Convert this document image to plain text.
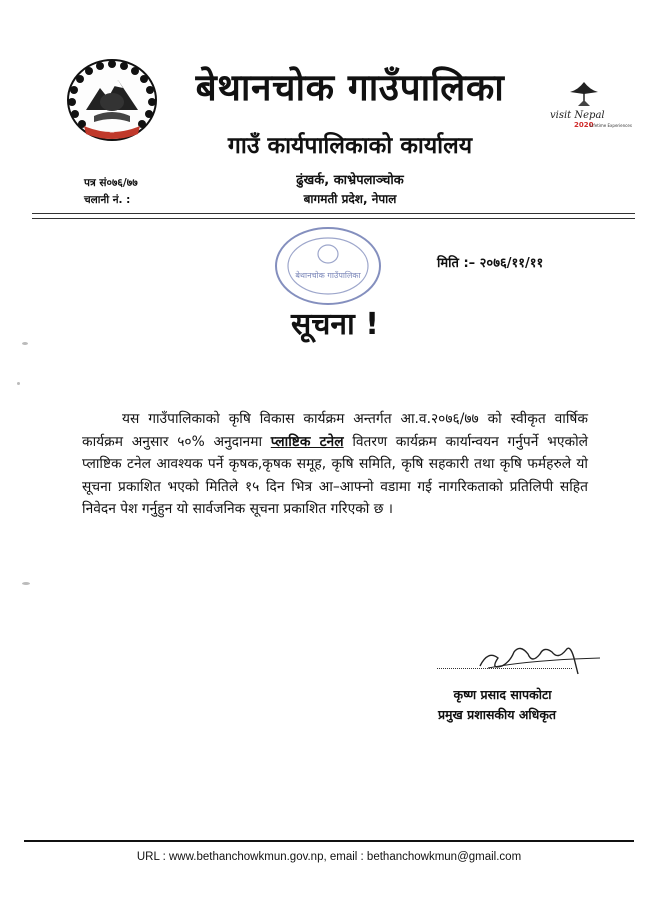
—
बेथानचोक गाउँपालिका
गाउँ कार्यपालिकाको कार्यालय
visit Nepal
2020
Lifetime Experiences
पत्र सं०७६/७७
चलानी नं. :
ढुंखर्क, काभ्रेपलाञ्चोक
बागमती प्रदेश, नेपाल
बेथानचोक गाउँपालिका
मिति :– २०७६/११/११
सूचना !
यस गाउँपालिकाको कृषि विकास कार्यक्रम अन्तर्गत आ.व.२०७६/७७ को स्वीकृत वार्षिक कार्यक्रम अनुसार ५०% अनुदानमा प्लाष्टिक टनेल वितरण कार्यक्रम कार्यान्वयन गर्नुपर्ने भएकोले प्लाष्टिक टनेल आवश्यक पर्ने कृषक,कृषक समूह, कृषि समिति, कृषि सहकारी तथा कृषि फर्महरुले यो सूचना प्रकाशित भएको मितिले १५ दिन भित्र आ–आफ्नो वडामा गई नागरिकताको प्रतिलिपी सहित निवेदन पेश गर्नुहुन यो सार्वजनिक सूचना प्रकाशित गरिएको छ ।
कृष्ण प्रसाद सापकोटा
प्रमुख प्रशासकीय अधिकृत
URL : www.bethanchowkmun.gov.np, email : bethanchowkmun@gmail.com
